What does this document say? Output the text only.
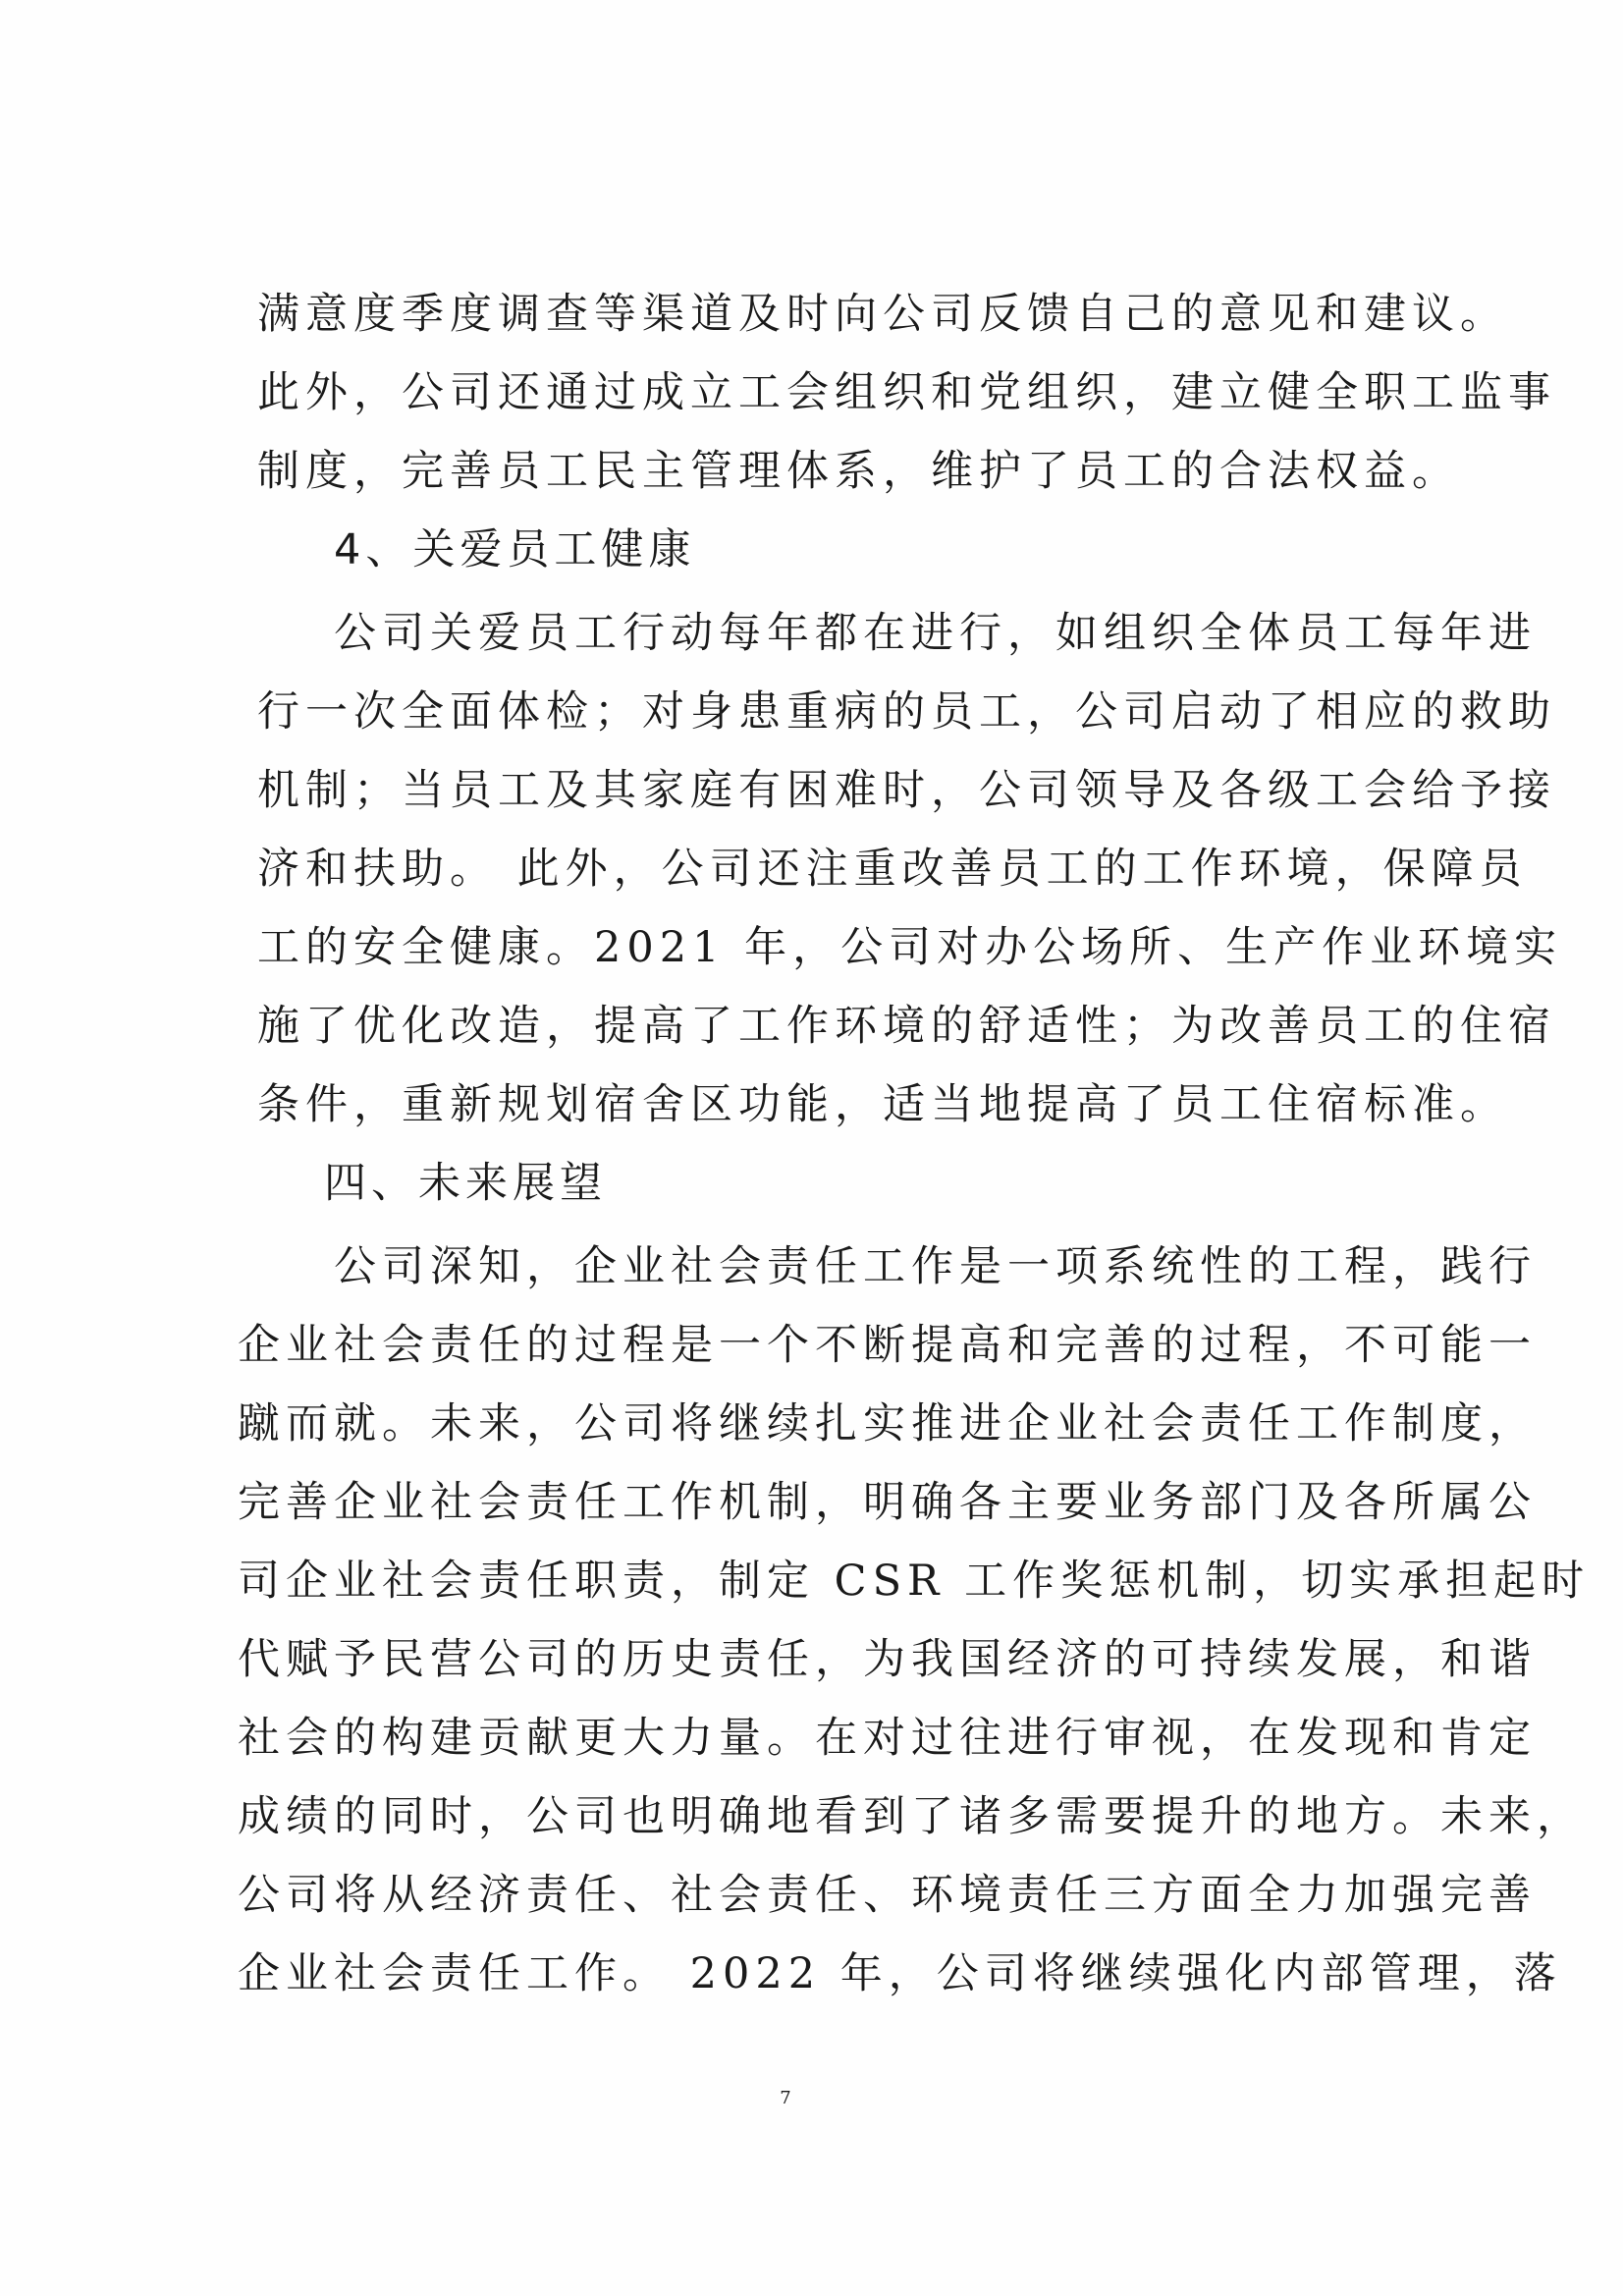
满意度季度调查等渠道及时向公司反馈自己的意见和建议。
此外，公司还通过成立工会组织和党组织，建立健全职工监事
制度，完善员工民主管理体系，维护了员工的合法权益。
4、关爱员工健康
公司关爱员工行动每年都在进行，如组织全体员工每年进
行一次全面体检；对身患重病的员工，公司启动了相应的救助
机制；当员工及其家庭有困难时，公司领导及各级工会给予接
济和扶助。 此外，公司还注重改善员工的工作环境，保障员
工的安全健康。2021 年，公司对办公场所、生产作业环境实
施了优化改造，提高了工作环境的舒适性；为改善员工的住宿
条件，重新规划宿舍区功能，适当地提高了员工住宿标准。
四、未来展望
公司深知，企业社会责任工作是一项系统性的工程，践行
企业社会责任的过程是一个不断提高和完善的过程，不可能一
蹴而就。未来，公司将继续扎实推进企业社会责任工作制度，
完善企业社会责任工作机制，明确各主要业务部门及各所属公
司企业社会责任职责，制定 CSR 工作奖惩机制，切实承担起时
代赋予民营公司的历史责任，为我国经济的可持续发展，和谐
社会的构建贡献更大力量。在对过往进行审视，在发现和肯定
成绩的同时，公司也明确地看到了诸多需要提升的地方。未来，
公司将从经济责任、社会责任、环境责任三方面全力加强完善
企业社会责任工作。 2022 年，公司将继续强化内部管理，落
7
